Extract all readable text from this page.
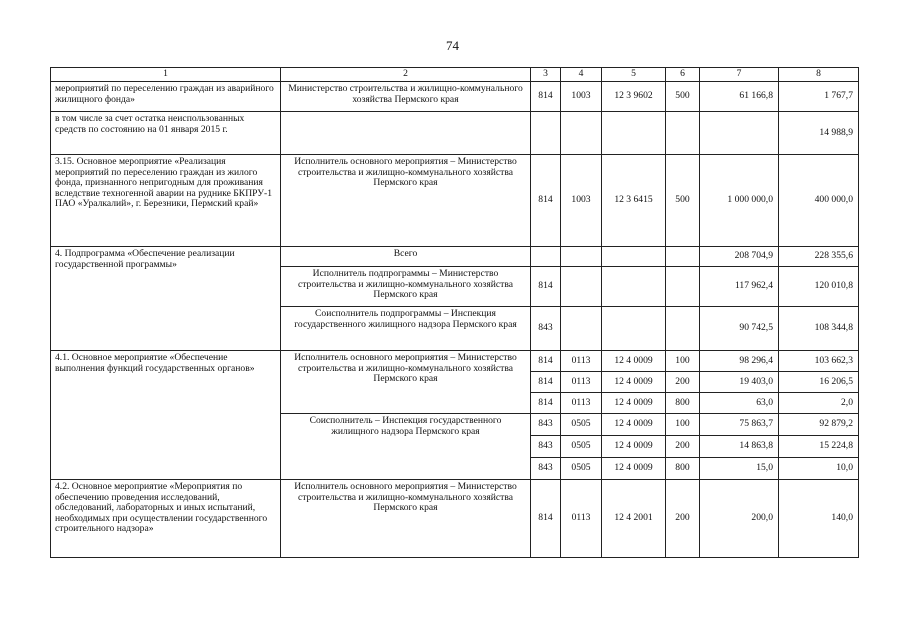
74
1	2	3	4	5	6	7	8
мероприятий по переселению граждан из аварийного жилищного фонда»	Министерство строительства и жилищно-коммунального хозяйства Пермского края	814	1003	12 3 9602	500	61 166,8	1 767,7
в том числе за счет остатка неиспользованных средств по состоянию на 01 января 2015 г.							14 988,9
3.15. Основное мероприятие «Реализация мероприятий по переселению граждан из жилого фонда, признанного непригодным для проживания вследствие техногенной аварии на руднике БКПРУ-1 ПАО «Уралкалий», г. Березники, Пермский край»	Исполнитель основного мероприятия – Министерство строительства и жилищно-коммунального хозяйства Пермского края	814	1003	12 3 6415	500	1 000 000,0	400 000,0
4. Подпрограмма «Обеспечение реализации государственной программы»	Всего					208 704,9	228 355,6
	Исполнитель подпрограммы – Министерство строительства и жилищно-коммунального хозяйства Пермского края	814				117 962,4	120 010,8
	Соисполнитель подпрограммы – Инспекция государственного жилищного надзора Пермского края	843				90 742,5	108 344,8
4.1. Основное мероприятие «Обеспечение выполнения функций государственных органов»	Исполнитель основного мероприятия – Министерство строительства и жилищно-коммунального хозяйства Пермского края	814	0113	12 4 0009	100	98 296,4	103 662,3
		814	0113	12 4 0009	200	19 403,0	16 206,5
		814	0113	12 4 0009	800	63,0	2,0
	Соисполнитель – Инспекция государственного жилищного надзора Пермского края	843	0505	12 4 0009	100	75 863,7	92 879,2
		843	0505	12 4 0009	200	14 863,8	15 224,8
		843	0505	12 4 0009	800	15,0	10,0
4.2. Основное мероприятие «Мероприятия по обеспечению проведения исследований, обследований, лабораторных и иных испытаний, необходимых при осуществлении государственного строительного надзора»	Исполнитель основного мероприятия – Министерство строительства и жилищно-коммунального хозяйства Пермского края	814	0113	12 4 2001	200	200,0	140,0
